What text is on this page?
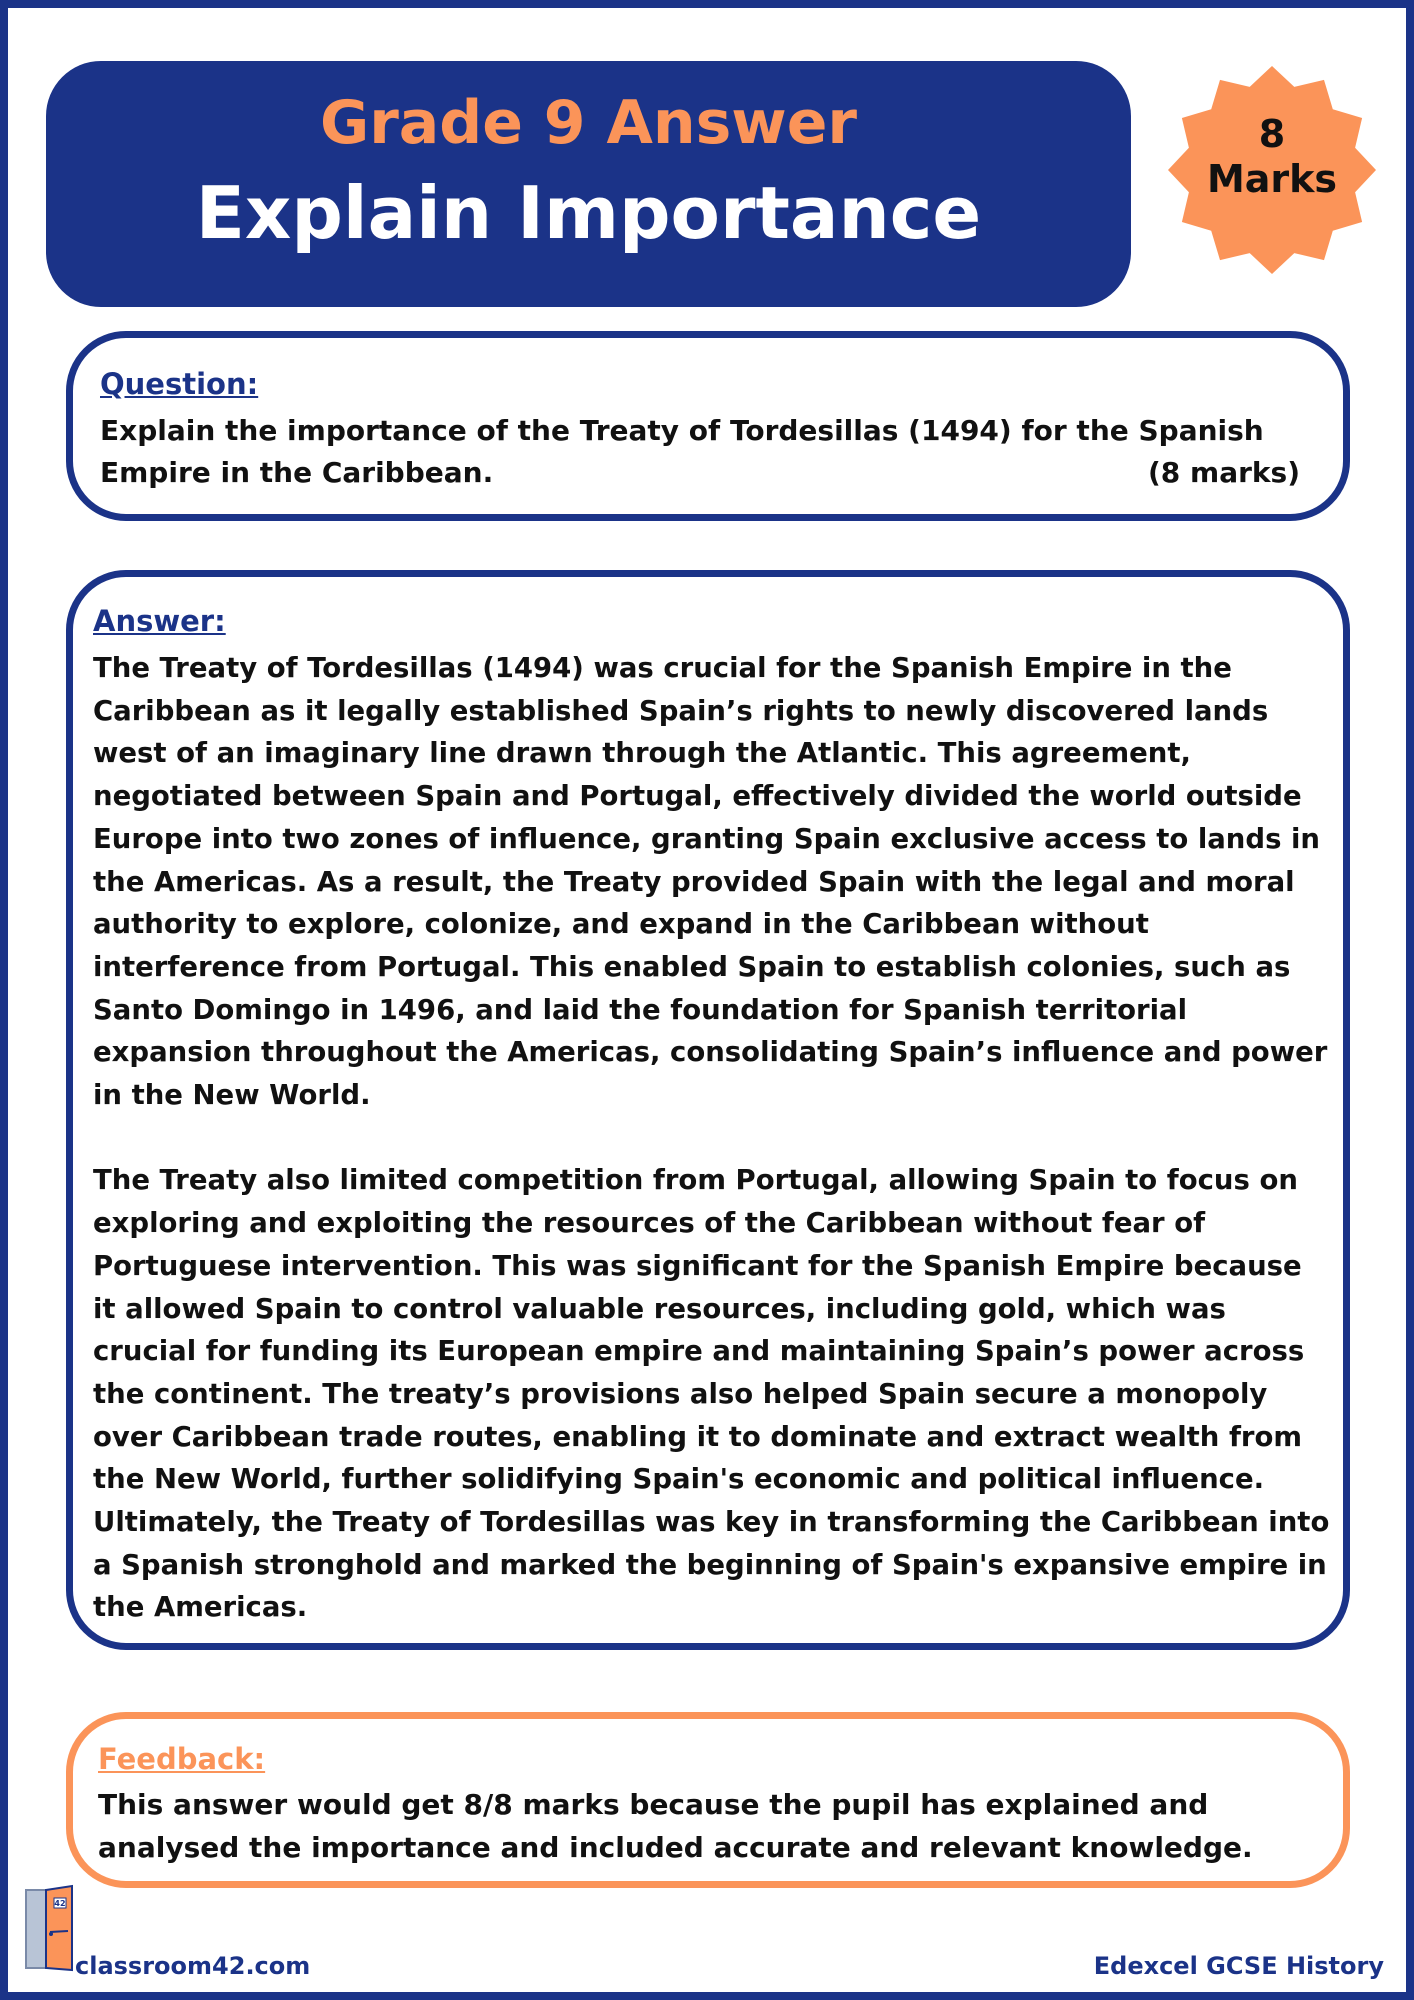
Grade 9 Answer
Explain Importance
8
Marks
Question:
Explain the importance of the Treaty of Tordesillas (1494) for the Spanish
Empire in the Caribbean.	(8 marks)
Answer:

The Treaty of Tordesillas (1494) was crucial for the Spanish Empire in the Caribbean as it legally established Spain’s rights to newly discovered lands west of an imaginary line drawn through the Atlantic. This agreement, negotiated between Spain and Portugal, effectively divided the world outside Europe into two zones of influence, granting Spain exclusive access to lands in the Americas. As a result, the Treaty provided Spain with the legal and moral authority to explore, colonize, and expand in the Caribbean without interference from Portugal. This enabled Spain to establish colonies, such as Santo Domingo in 1496, and laid the foundation for Spanish territorial expansion throughout the Americas, consolidating Spain’s influence and power in the New World.

The Treaty also limited competition from Portugal, allowing Spain to focus on exploring and exploiting the resources of the Caribbean without fear of Portuguese intervention. This was significant for the Spanish Empire because it allowed Spain to control valuable resources, including gold, which was crucial for funding its European empire and maintaining Spain’s power across the continent. The treaty’s provisions also helped Spain secure a monopoly over Caribbean trade routes, enabling it to dominate and extract wealth from the New World, further solidifying Spain's economic and political influence. Ultimately, the Treaty of Tordesillas was key in transforming the Caribbean into a Spanish stronghold and marked the beginning of Spain's expansive empire in the Americas.

Feedback:

This answer would get 8/8 marks because the pupil has explained and analysed the importance and included accurate and relevant knowledge.

42
classroom42.com	Edexcel GCSE History
